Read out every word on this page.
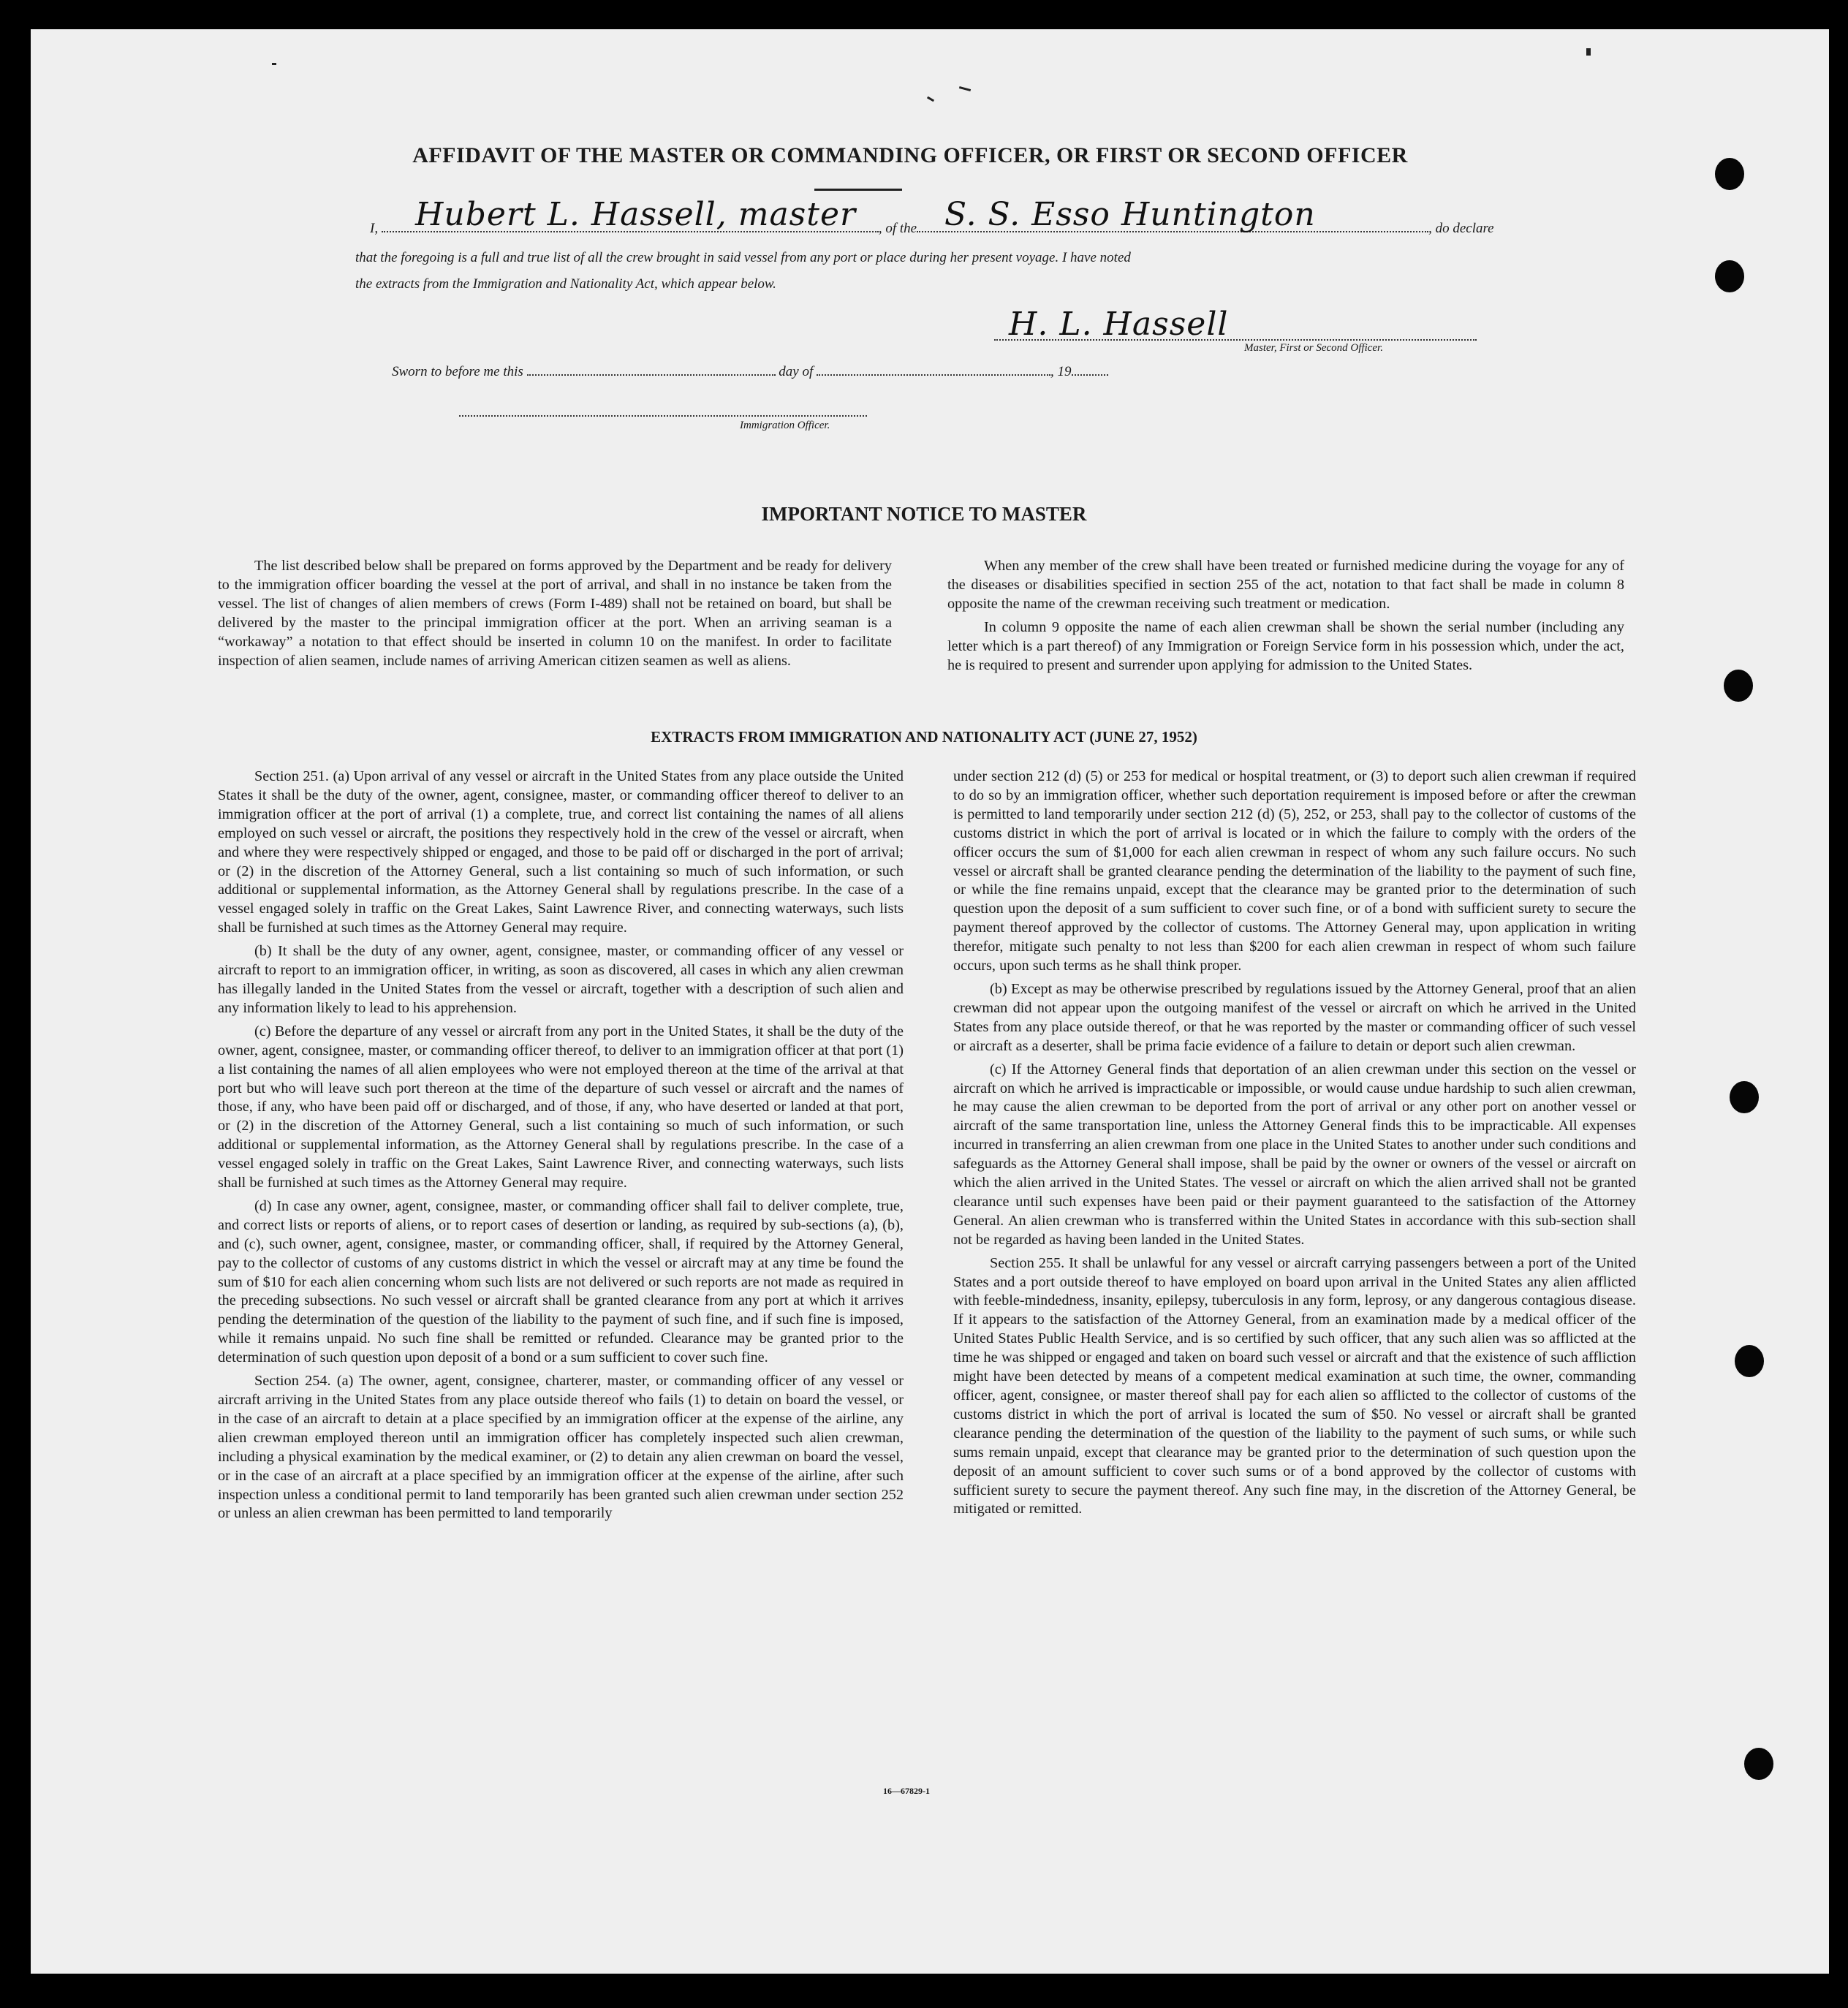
AFFIDAVIT OF THE MASTER OR COMMANDING OFFICER, OR FIRST OR SECOND OFFICER
I,	, of the	, do declare
Hubert L. Hassell, master	S. S. Esso Huntington
that the foregoing is a full and true list of all the crew brought in said vessel from any port or place during her present voyage. I have noted
the extracts from the Immigration and Nationality Act, which appear below.
H. L. Hassell
Master, First or Second Officer.
Sworn to before me this	day of	, 19
Immigration Officer.
IMPORTANT NOTICE TO MASTER

The list described below shall be prepared on forms approved by the Department and be ready for delivery to the immigration officer boarding the vessel at the port of arrival, and shall in no instance be taken from the vessel. The list of changes of alien members of crews (Form I-489) shall not be retained on board, but shall be delivered by the master to the principal immigration officer at the port. When an arriving seaman is a “workaway” a notation to that effect should be inserted in column 10 on the manifest. In order to facilitate inspection of alien seamen, include names of arriving American citizen seamen as well as aliens.

When any member of the crew shall have been treated or furnished medicine during the voyage for any of the diseases or disabilities specified in section 255 of the act, notation to that fact shall be made in column 8 opposite the name of the crewman receiving such treatment or medication.

In column 9 opposite the name of each alien crewman shall be shown the serial number (including any letter which is a part thereof) of any Immigration or Foreign Service form in his possession which, under the act, he is required to present and surrender upon applying for admission to the United States.

EXTRACTS FROM IMMIGRATION AND NATIONALITY ACT (JUNE 27, 1952)

Section 251. (a) Upon arrival of any vessel or aircraft in the United States from any place outside the United States it shall be the duty of the owner, agent, consignee, master, or commanding officer thereof to deliver to an immigration officer at the port of arrival (1) a complete, true, and correct list containing the names of all aliens employed on such vessel or aircraft, the positions they respectively hold in the crew of the vessel or aircraft, when and where they were respectively shipped or engaged, and those to be paid off or discharged in the port of arrival; or (2) in the discretion of the Attorney General, such a list containing so much of such information, or such additional or supplemental information, as the Attorney General shall by regulations prescribe. In the case of a vessel engaged solely in traffic on the Great Lakes, Saint Lawrence River, and connecting waterways, such lists shall be furnished at such times as the Attorney General may require.

(b) It shall be the duty of any owner, agent, consignee, master, or commanding officer of any vessel or aircraft to report to an immigration officer, in writing, as soon as discovered, all cases in which any alien crewman has illegally landed in the United States from the vessel or aircraft, together with a description of such alien and any information likely to lead to his apprehension.

(c) Before the departure of any vessel or aircraft from any port in the United States, it shall be the duty of the owner, agent, consignee, master, or commanding officer thereof, to deliver to an immigration officer at that port (1) a list containing the names of all alien employees who were not employed thereon at the time of the arrival at that port but who will leave such port thereon at the time of the departure of such vessel or aircraft and the names of those, if any, who have been paid off or discharged, and of those, if any, who have deserted or landed at that port, or (2) in the discretion of the Attorney General, such a list containing so much of such information, or such additional or supplemental information, as the Attorney General shall by regulations prescribe. In the case of a vessel engaged solely in traffic on the Great Lakes, Saint Lawrence River, and connecting waterways, such lists shall be furnished at such times as the Attorney General may require.

(d) In case any owner, agent, consignee, master, or commanding officer shall fail to deliver complete, true, and correct lists or reports of aliens, or to report cases of desertion or landing, as required by sub-sections (a), (b), and (c), such owner, agent, consignee, master, or commanding officer, shall, if required by the Attorney General, pay to the collector of customs of any customs district in which the vessel or aircraft may at any time be found the sum of $10 for each alien concerning whom such lists are not delivered or such reports are not made as required in the preceding subsections. No such vessel or aircraft shall be granted clearance from any port at which it arrives pending the determination of the question of the liability to the payment of such fine, and if such fine is imposed, while it remains unpaid. No such fine shall be remitted or refunded. Clearance may be granted prior to the determination of such question upon deposit of a bond or a sum sufficient to cover such fine.

Section 254. (a) The owner, agent, consignee, charterer, master, or commanding officer of any vessel or aircraft arriving in the United States from any place outside thereof who fails (1) to detain on board the vessel, or in the case of an aircraft to detain at a place specified by an immigration officer at the expense of the airline, any alien crewman employed thereon until an immigration officer has completely inspected such alien crewman, including a physical examination by the medical examiner, or (2) to detain any alien crewman on board the vessel, or in the case of an aircraft at a place specified by an immigration officer at the expense of the airline, after such inspection unless a conditional permit to land temporarily has been granted such alien crewman under section 252 or unless an alien crewman has been permitted to land temporarily

under section 212 (d) (5) or 253 for medical or hospital treatment, or (3) to deport such alien crewman if required to do so by an immigration officer, whether such deportation requirement is imposed before or after the crewman is permitted to land temporarily under section 212 (d) (5), 252, or 253, shall pay to the collector of customs of the customs district in which the port of arrival is located or in which the failure to comply with the orders of the officer occurs the sum of $1,000 for each alien crewman in respect of whom any such failure occurs. No such vessel or aircraft shall be granted clearance pending the determination of the liability to the payment of such fine, or while the fine remains unpaid, except that the clearance may be granted prior to the determination of such question upon the deposit of a sum sufficient to cover such fine, or of a bond with sufficient surety to secure the payment thereof approved by the collector of customs. The Attorney General may, upon application in writing therefor, mitigate such penalty to not less than $200 for each alien crewman in respect of whom such failure occurs, upon such terms as he shall think proper.

(b) Except as may be otherwise prescribed by regulations issued by the Attorney General, proof that an alien crewman did not appear upon the outgoing manifest of the vessel or aircraft on which he arrived in the United States from any place outside thereof, or that he was reported by the master or commanding officer of such vessel or aircraft as a deserter, shall be prima facie evidence of a failure to detain or deport such alien crewman.

(c) If the Attorney General finds that deportation of an alien crewman under this section on the vessel or aircraft on which he arrived is impracticable or impossible, or would cause undue hardship to such alien crewman, he may cause the alien crewman to be deported from the port of arrival or any other port on another vessel or aircraft of the same transportation line, unless the Attorney General finds this to be impracticable. All expenses incurred in transferring an alien crewman from one place in the United States to another under such conditions and safeguards as the Attorney General shall impose, shall be paid by the owner or owners of the vessel or aircraft on which the alien arrived in the United States. The vessel or aircraft on which the alien arrived shall not be granted clearance until such expenses have been paid or their payment guaranteed to the satisfaction of the Attorney General. An alien crewman who is transferred within the United States in accordance with this sub-section shall not be regarded as having been landed in the United States.

Section 255. It shall be unlawful for any vessel or aircraft carrying passengers between a port of the United States and a port outside thereof to have employed on board upon arrival in the United States any alien afflicted with feeble-mindedness, insanity, epilepsy, tuberculosis in any form, leprosy, or any dangerous contagious disease. If it appears to the satisfaction of the Attorney General, from an examination made by a medical officer of the United States Public Health Service, and is so certified by such officer, that any such alien was so afflicted at the time he was shipped or engaged and taken on board such vessel or aircraft and that the existence of such affliction might have been detected by means of a competent medical examination at such time, the owner, commanding officer, agent, consignee, or master thereof shall pay for each alien so afflicted to the collector of customs of the customs district in which the port of arrival is located the sum of $50. No vessel or aircraft shall be granted clearance pending the determination of the question of the liability to the payment of such sums, or while such sums remain unpaid, except that clearance may be granted prior to the determination of such question upon the deposit of an amount sufficient to cover such sums or of a bond approved by the collector of customs with sufficient surety to secure the payment thereof. Any such fine may, in the discretion of the Attorney General, be mitigated or remitted.

16—67829-1
